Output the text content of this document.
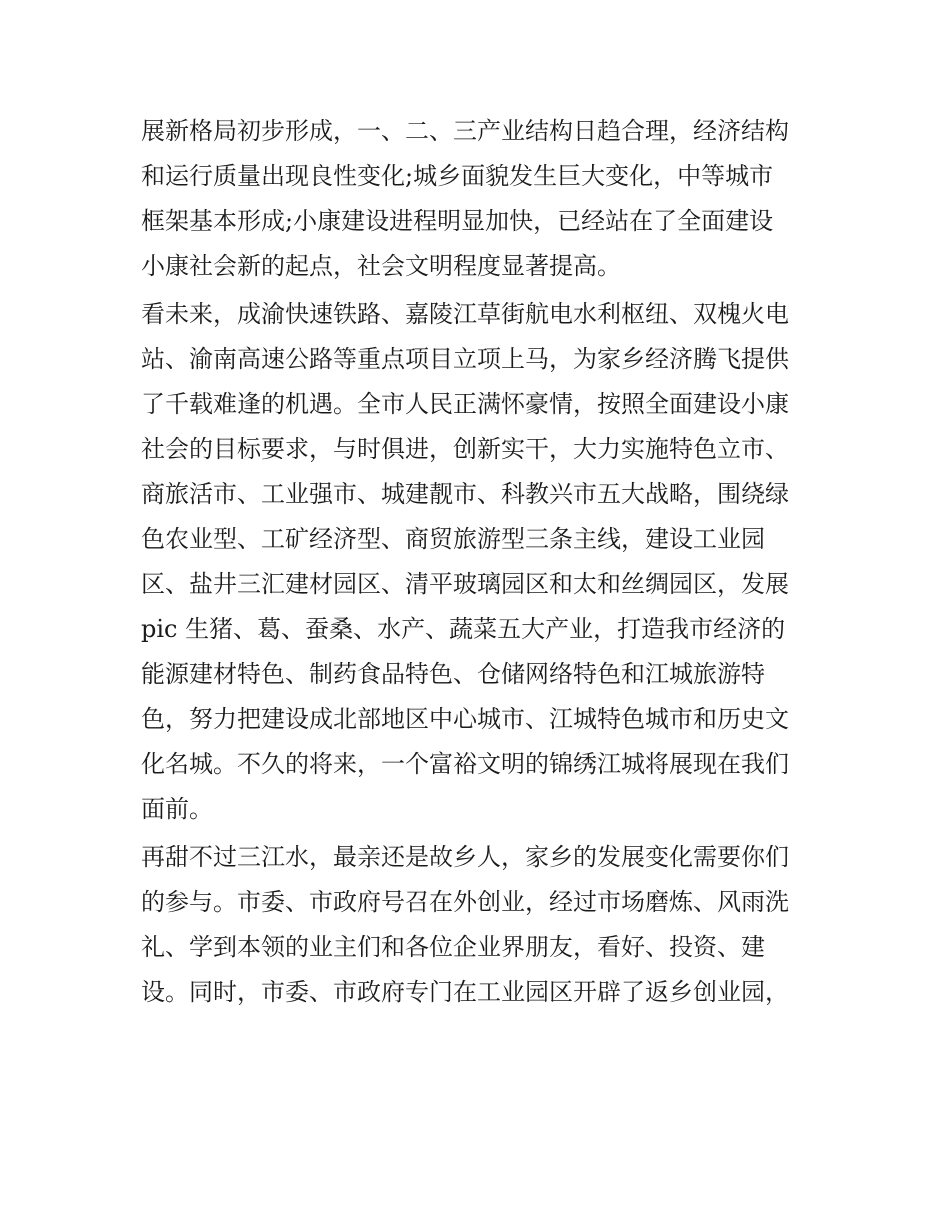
展新格局初步形成，一、二、三产业结构日趋合理，经济结构
和运行质量出现良性变化;城乡面貌发生巨大变化，中等城市
框架基本形成;小康建设进程明显加快，已经站在了全面建设
小康社会新的起点，社会文明程度显著提高。
看未来，成渝快速铁路、嘉陵江草街航电水利枢纽、双槐火电
站、渝南高速公路等重点项目立项上马，为家乡经济腾飞提供
了千载难逢的机遇。全市人民正满怀豪情，按照全面建设小康
社会的目标要求，与时俱进，创新实干，大力实施特色立市、
商旅活市、工业强市、城建靓市、科教兴市五大战略，围绕绿
色农业型、工矿经济型、商贸旅游型三条主线，建设工业园
区、盐井三汇建材园区、清平玻璃园区和太和丝绸园区，发展
pic 生猪、葛、蚕桑、水产、蔬菜五大产业，打造我市经济的
能源建材特色、制药食品特色、仓储网络特色和江城旅游特
色，努力把建设成北部地区中心城市、江城特色城市和历史文
化名城。不久的将来，一个富裕文明的锦绣江城将展现在我们
面前。
再甜不过三江水，最亲还是故乡人，家乡的发展变化需要你们
的参与。市委、市政府号召在外创业，经过市场磨炼、风雨洗
礼、学到本领的业主们和各位企业界朋友，看好、投资、建
设。同时，市委、市政府专门在工业园区开辟了返乡创业园，
